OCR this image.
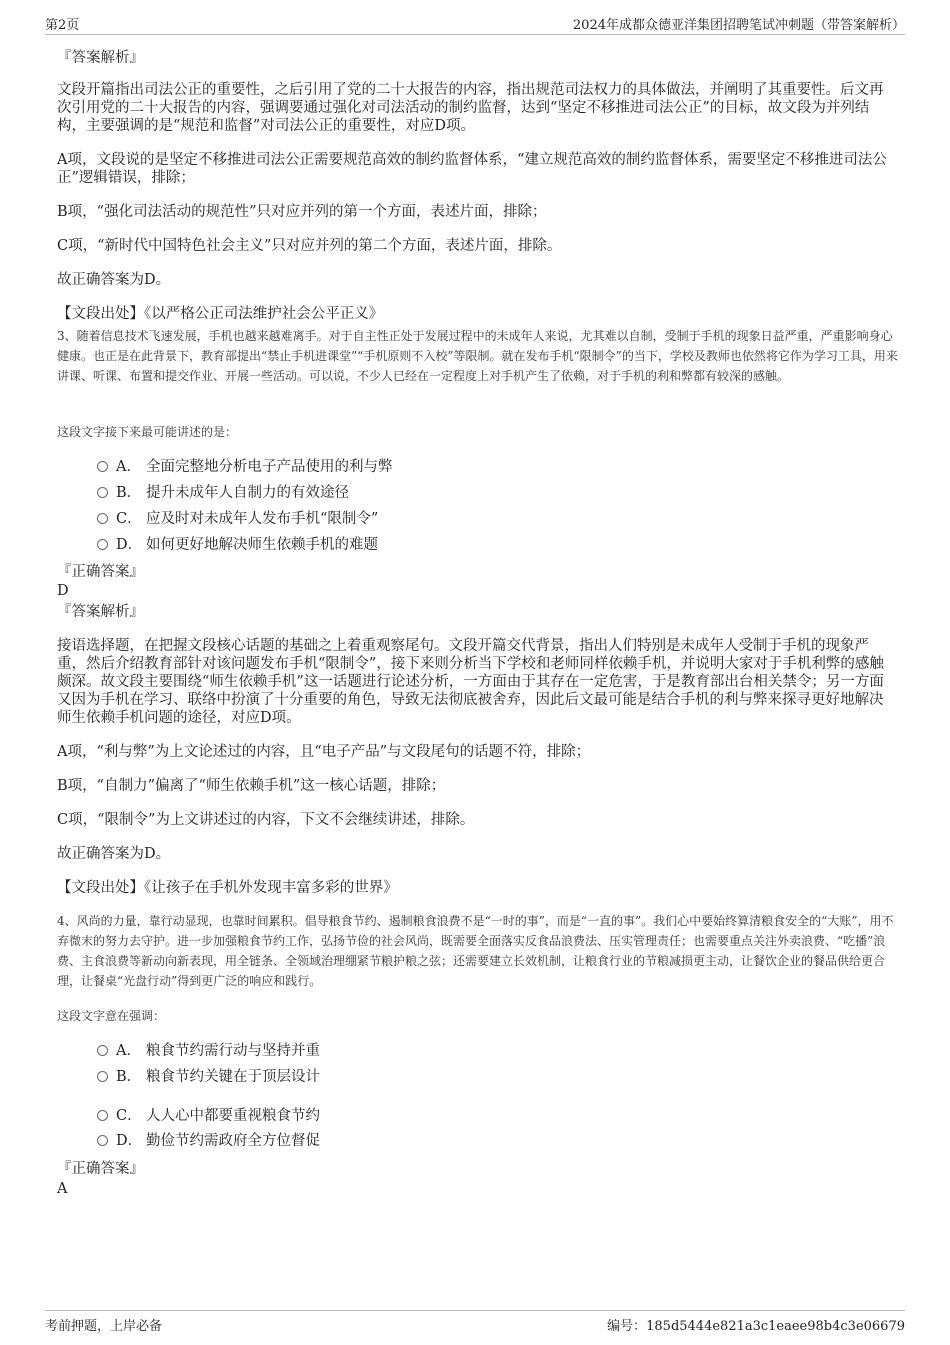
第2页	2024年成都众德亚洋集团招聘笔试冲刺题（带答案解析）
『答案解析』
文段开篇指出司法公正的重要性，之后引用了党的二十大报告的内容，指出规范司法权力的具体做法，并阐明了其重要性。后文再次引用党的二十大报告的内容，强调要通过强化对司法活动的制约监督，达到“坚定不移推进司法公正”的目标，故文段为并列结构，主要强调的是“规范和监督”对司法公正的重要性，对应D项。
A项，文段说的是坚定不移推进司法公正需要规范高效的制约监督体系，“建立规范高效的制约监督体系，需要坚定不移推进司法公正”逻辑错误，排除；
B项，“强化司法活动的规范性”只对应并列的第一个方面，表述片面，排除；
C项，“新时代中国特色社会主义”只对应并列的第二个方面，表述片面，排除。
故正确答案为D。
【文段出处】《以严格公正司法维护社会公平正义》
3、随着信息技术飞速发展，手机也越来越难离手。对于自主性正处于发展过程中的未成年人来说，尤其难以自制，受制于手机的现象日益严重，严重影响身心健康。也正是在此背景下，教育部提出“禁止手机进课堂”“手机原则不入校”等限制。就在发布手机“限制令”的当下，学校及教师也依然将它作为学习工具，用来讲课、听课、布置和提交作业、开展一些活动。可以说，不少人已经在一定程度上对手机产生了依赖，对于手机的利和弊都有较深的感触。
这段文字接下来最可能讲述的是：
A． 全面完整地分析电子产品使用的利与弊
B． 提升未成年人自制力的有效途径
C． 应及时对未成年人发布手机“限制令”
D． 如何更好地解决师生依赖手机的难题
『正确答案』
D
『答案解析』
接语选择题，在把握文段核心话题的基础之上着重观察尾句。文段开篇交代背景，指出人们特别是未成年人受制于手机的现象严重，然后介绍教育部针对该问题发布手机“限制令”，接下来则分析当下学校和老师同样依赖手机，并说明大家对于手机利弊的感触颇深。故文段主要围绕“师生依赖手机”这一话题进行论述分析，一方面由于其存在一定危害，于是教育部出台相关禁令；另一方面又因为手机在学习、联络中扮演了十分重要的角色，导致无法彻底被舍弃，因此后文最可能是结合手机的利与弊来探寻更好地解决师生依赖手机问题的途径，对应D项。
A项，“利与弊”为上文论述过的内容，且“电子产品”与文段尾句的话题不符，排除；
B项，“自制力”偏离了“师生依赖手机”这一核心话题，排除；
C项，“限制令”为上文讲述过的内容，下文不会继续讲述，排除。
故正确答案为D。
【文段出处】《让孩子在手机外发现丰富多彩的世界》
4、风尚的力量，靠行动显现，也靠时间累积。倡导粮食节约、遏制粮食浪费不是“一时的事”，而是“一直的事”。我们心中要始终算清粮食安全的“大账”，用不弃微末的努力去守护。进一步加强粮食节约工作，弘扬节俭的社会风尚，既需要全面落实反食品浪费法、压实管理责任；也需要重点关注外卖浪费、“吃播”浪费、主食浪费等新动向新表现，用全链条、全领域治理绷紧节粮护粮之弦；还需要建立长效机制，让粮食行业的节粮减损更主动，让餐饮企业的餐品供给更合理，让餐桌“光盘行动”得到更广泛的响应和践行。
这段文字意在强调：
A． 粮食节约需行动与坚持并重
B． 粮食节约关键在于顶层设计
C． 人人心中都要重视粮食节约
D． 勤俭节约需政府全方位督促
『正确答案』
A
考前押题，上岸必备	编号：185d5444e821a3c1eaee98b4c3e06679
